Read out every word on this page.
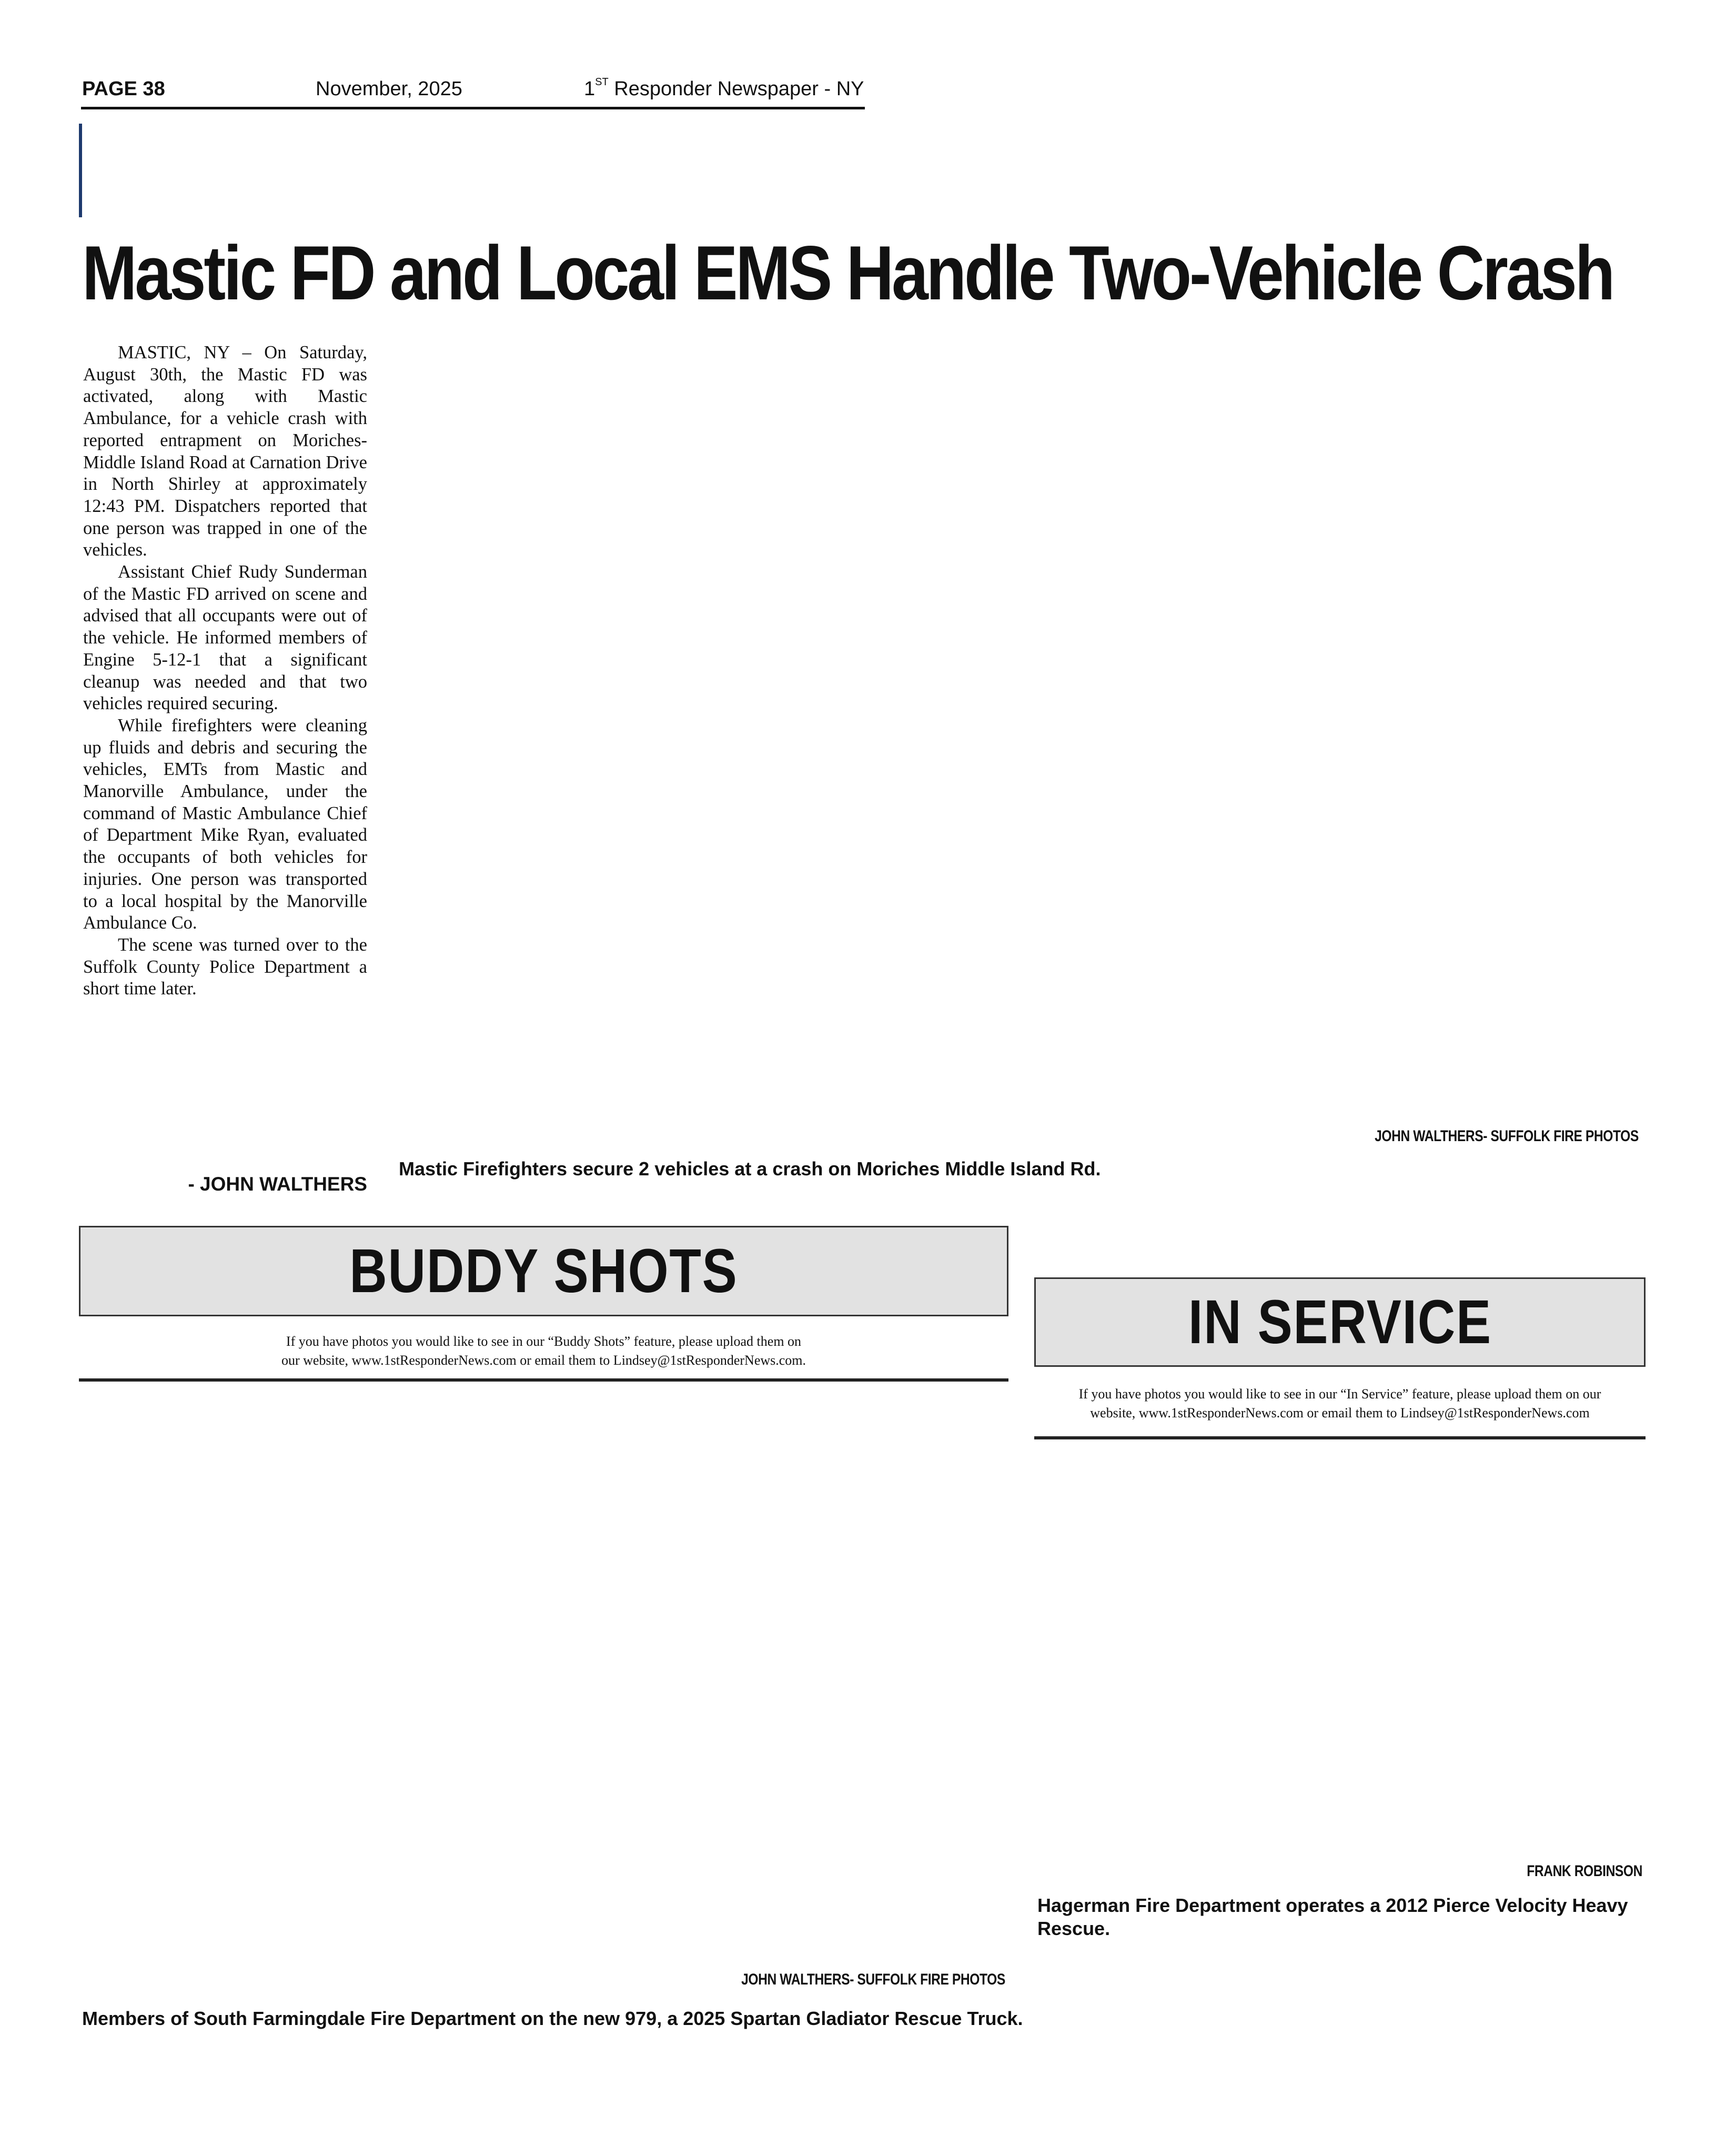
PAGE 38	November, 2025	1ST Responder Newspaper - NY
Mastic FD and Local EMS Handle Two-Vehicle Crash

MASTIC, NY – On Saturday, August 30th, the Mastic FD was activated, along with Mastic Ambulance, for a vehicle crash with reported entrapment on Moriches-Middle Island Road at Carnation Drive in North Shirley at approximately 12:43 PM. Dispatchers reported that one person was trapped in one of the vehicles.

Assistant Chief Rudy Sunderman of the Mastic FD arrived on scene and advised that all occupants were out of the vehicle. He informed members of Engine 5-12-1 that a significant cleanup was needed and that two vehicles required securing.

While firefighters were cleaning up fluids and debris and securing the vehicles, EMTs from Mastic and Manorville Ambulance, under the command of Mastic Ambulance Chief of Department Mike Ryan, evaluated the occupants of both vehicles for injuries. One person was transported to a local hospital by the Manorville Ambulance Co.

The scene was turned over to the Suffolk County Police Department a short time later.

- JOHN WALTHERS
JOHN WALTHERS- SUFFOLK FIRE PHOTOS
Mastic Firefighters secure 2 vehicles at a crash on Moriches Middle Island Rd.
BUDDY SHOTS
If you have photos you would like to see in our “Buddy Shots” feature, please upload them on
our website, www.1stResponderNews.com or email them to Lindsey@1stResponderNews.com.
JOHN WALTHERS- SUFFOLK FIRE PHOTOS
Members of South Farmingdale Fire Department on the new 979, a 2025 Spartan Gladiator Rescue Truck.
IN SERVICE
If you have photos you would like to see in our “In Service” feature, please upload them on our
website, www.1stResponderNews.com or email them to Lindsey@1stResponderNews.com
FRANK ROBINSON
Hagerman Fire Department operates a 2012 Pierce Velocity Heavy Rescue.
